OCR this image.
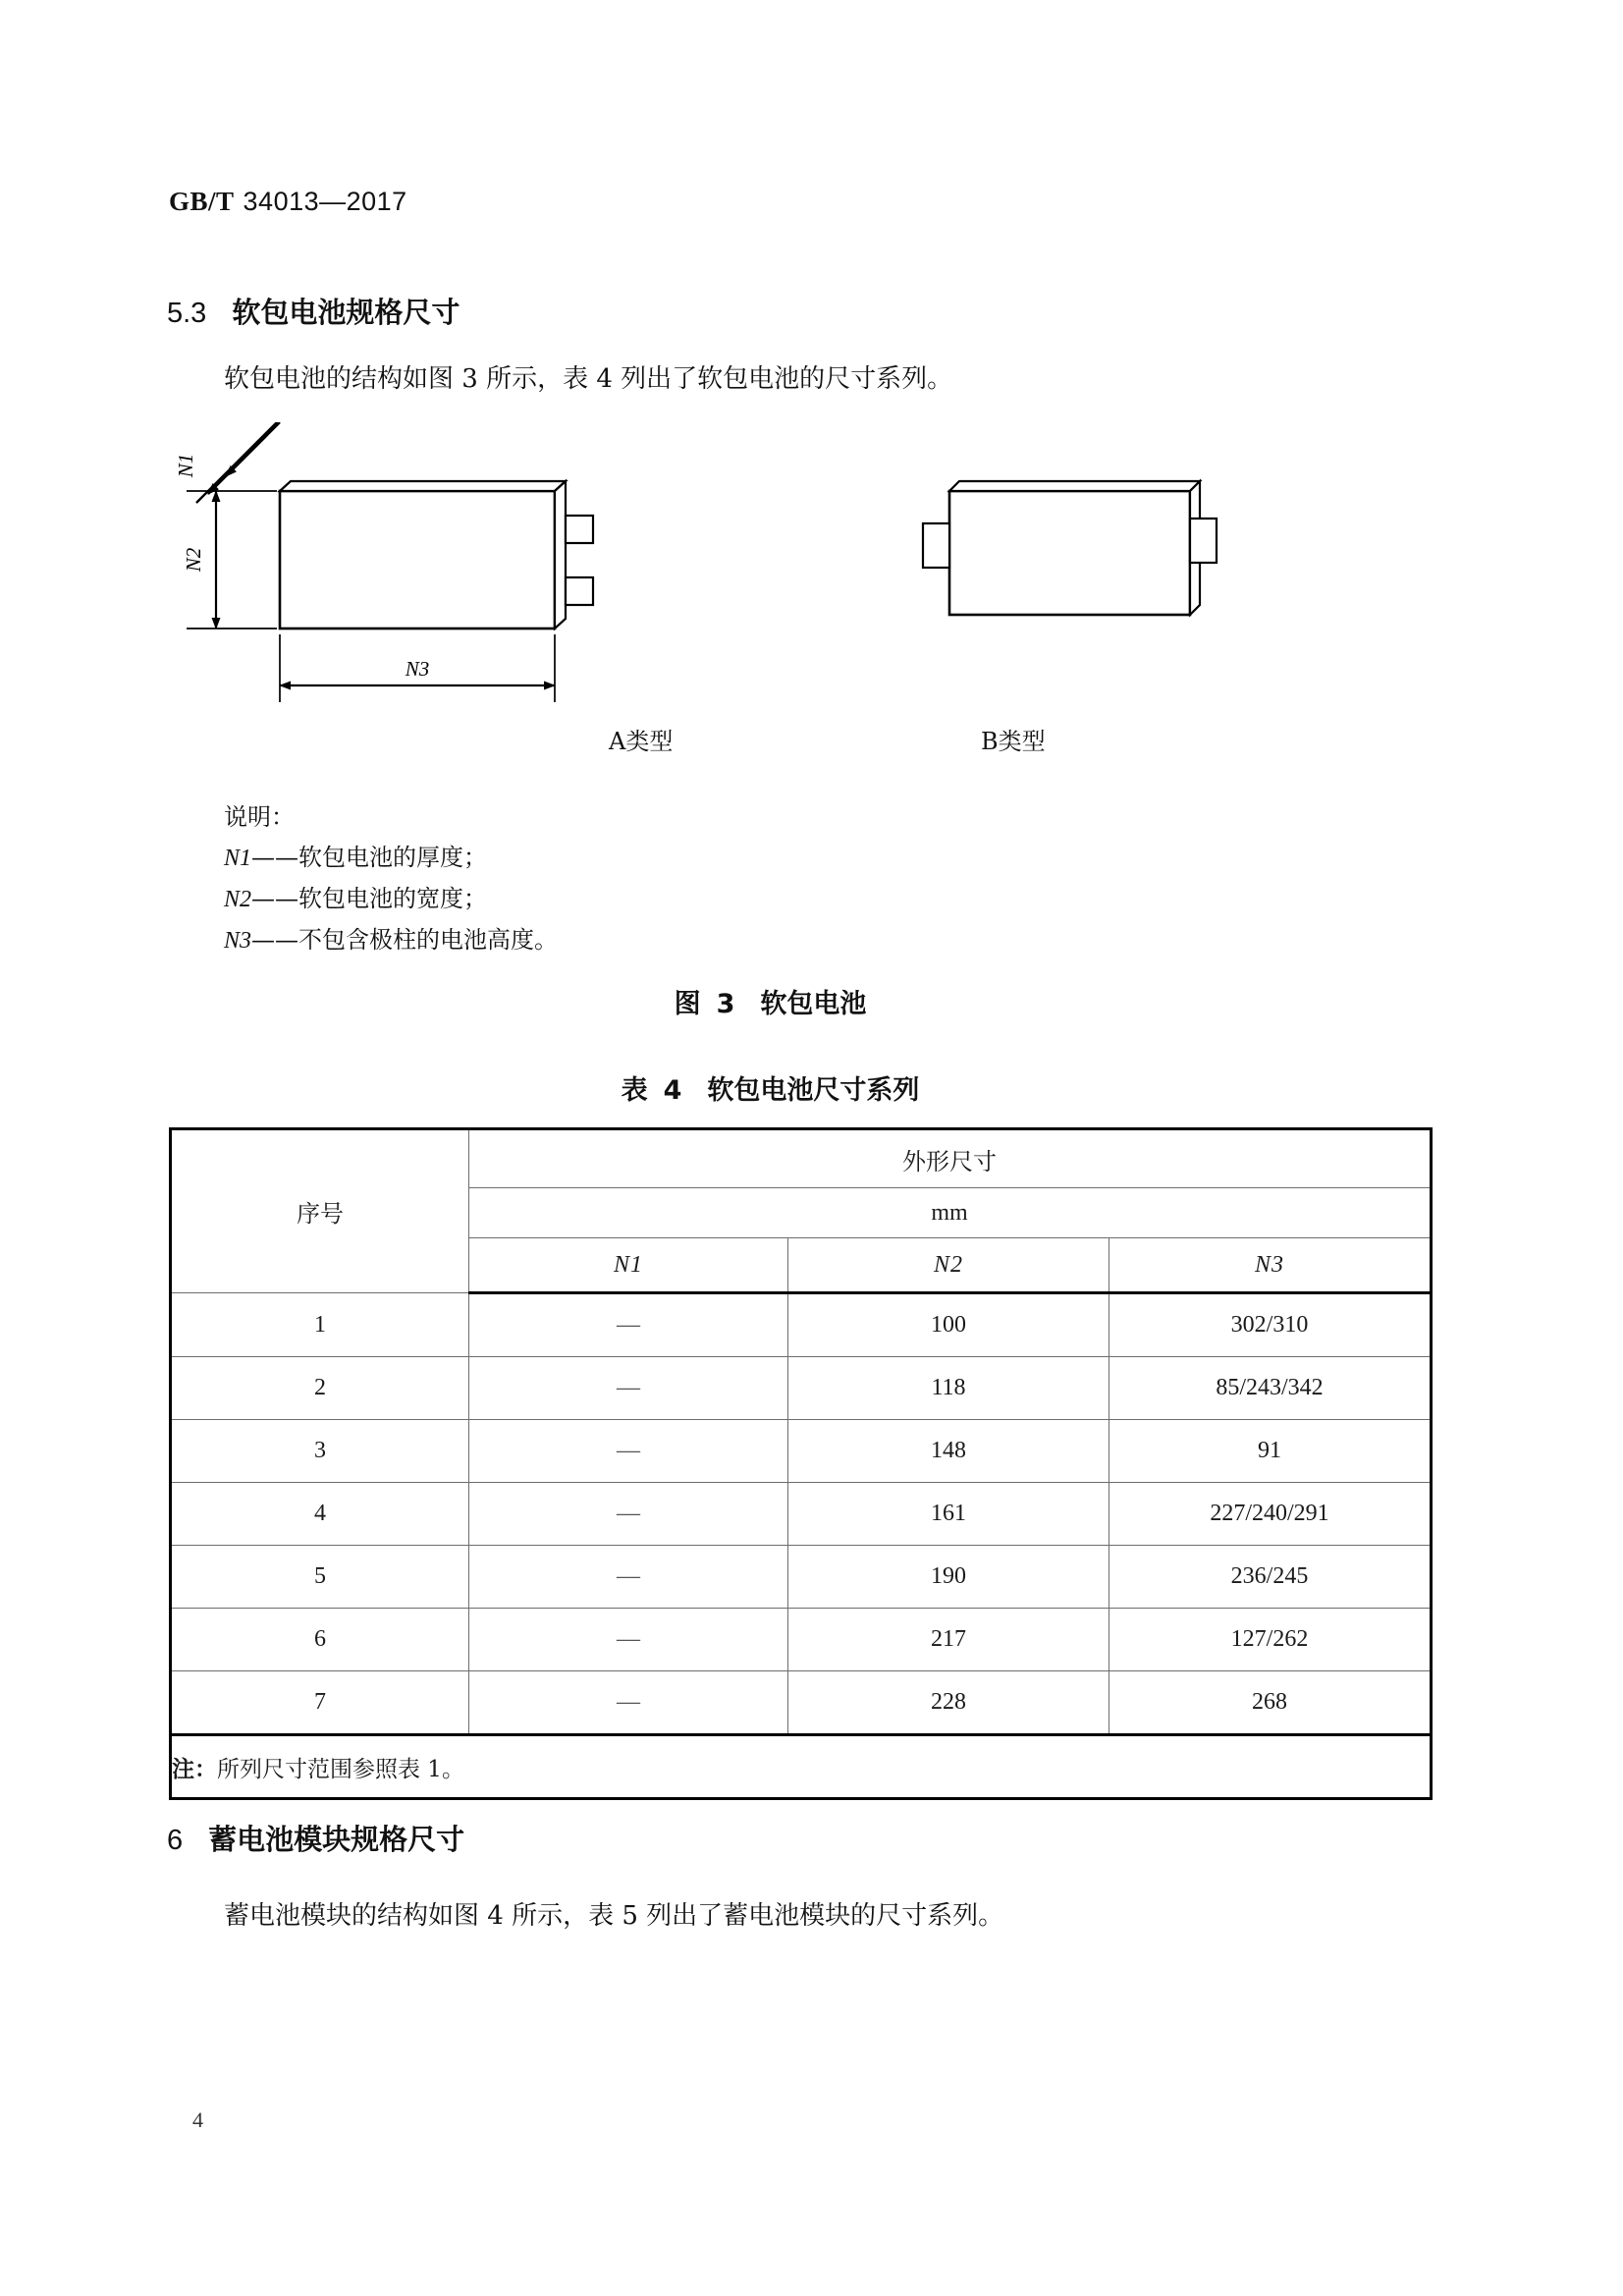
GB/T 34013—2017
5.3 软包电池规格尺寸
软包电池的结构如图 3 所示，表 4 列出了软包电池的尺寸系列。
N1
N2
N3
A类型	B类型
说明：
N1——软包电池的厚度；
N2——软包电池的宽度；
N3——不包含极柱的电池高度。
图 3 软包电池
表 4 软包电池尺寸系列
序号	外形尺寸		
	mm		
	N1	N2	N3
1	—	100	302/310
2	—	118	85/243/342
3	—	148	91
4	—	161	227/240/291
5	—	190	236/245
6	—	217	127/262
7	—	228	268
注：所列尺寸范围参照表 1。			
6 蓄电池模块规格尺寸
蓄电池模块的结构如图 4 所示，表 5 列出了蓄电池模块的尺寸系列。
4
